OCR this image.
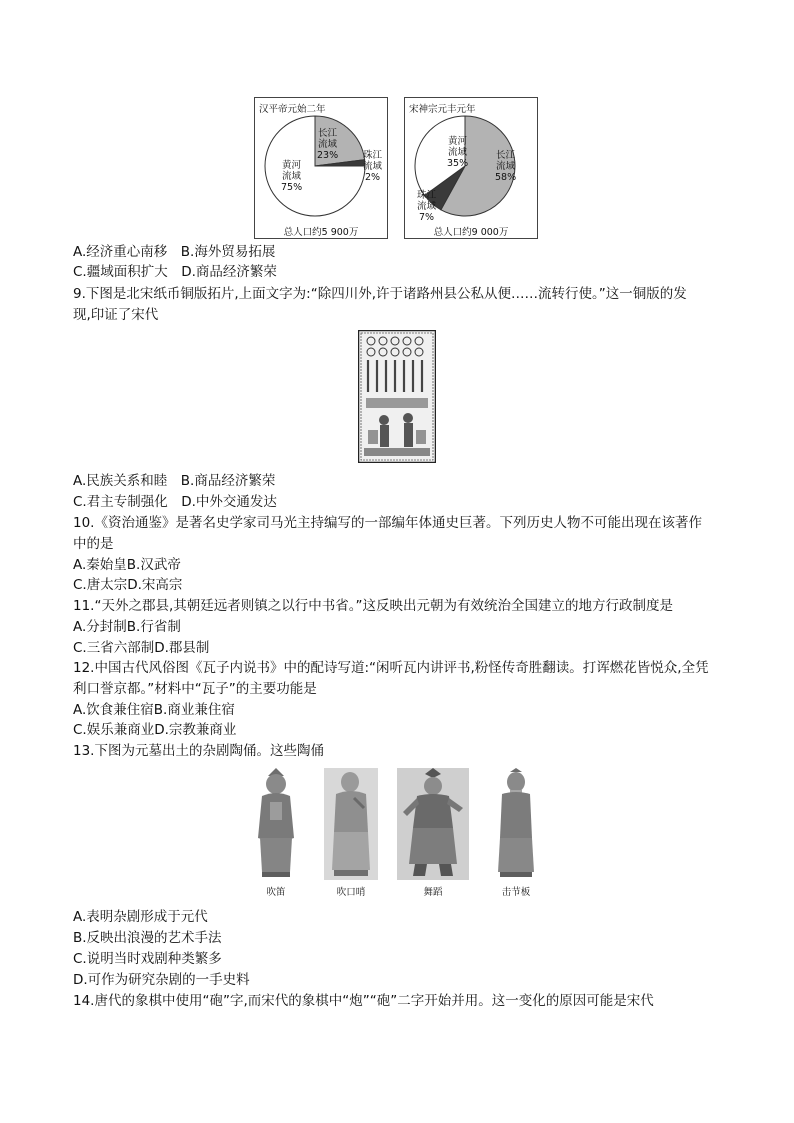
汉平帝元始二年
长江
流域
23%	珠江
流域
2%
黄河
流域
75%
总人口约5 900万
宋神宗元丰元年
长江
流域
58%
珠江
流域
7%
黄河
流域
35%
总人口约9 000万
A.经济重心南移　B.海外贸易拓展
C.疆域面积扩大　D.商品经济繁荣
9.下图是北宋纸币铜版拓片,上面文字为:“除四川外,许于诸路州县公私从便……流转行使。”这一铜版的发
现,印证了宋代
A.民族关系和睦　B.商品经济繁荣
C.君主专制强化　D.中外交通发达
10.《资治通鉴》是著名史学家司马光主持编写的一部编年体通史巨著。下列历史人物不可能出现在该著作
中的是
A.秦始皇B.汉武帝
C.唐太宗D.宋高宗
11.“天外之郡县,其朝廷远者则镇之以行中书省。”这反映出元朝为有效统治全国建立的地方行政制度是
A.分封制B.行省制
C.三省六部制D.郡县制
12.中国古代风俗图《瓦子内说书》中的配诗写道:“闲听瓦内讲评书,粉怪传奇胜翻读。打诨燃花皆悦众,全凭
利口誉京都。”材料中“瓦子”的主要功能是
A.饮食兼住宿B.商业兼住宿
C.娱乐兼商业D.宗教兼商业
13.下图为元墓出土的杂剧陶俑。这些陶俑
吹笛	吹口哨	舞蹈	击节板
A.表明杂剧形成于元代
B.反映出浪漫的艺术手法
C.说明当时戏剧种类繁多
D.可作为研究杂剧的一手史料
14.唐代的象棋中使用“砲”字,而宋代的象棋中“炮”“砲”二字开始并用。这一变化的原因可能是宋代
